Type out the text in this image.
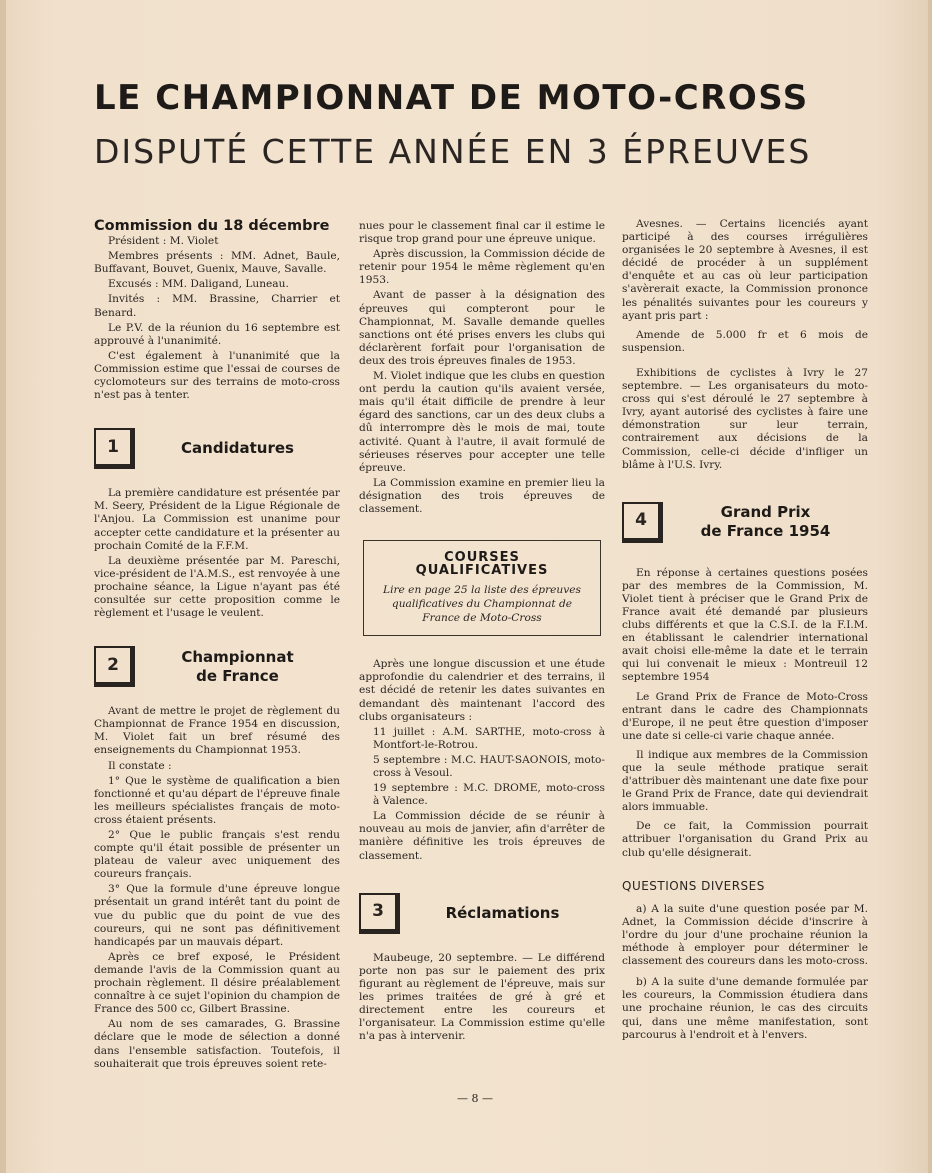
LE CHAMPIONNAT DE MOTO-CROSS
DISPUTÉ CETTE ANNÉE EN 3 ÉPREUVES

Commission du 18 décembre

Président : M. Violet

Membres présents : MM. Adnet, Baule, Buffavant, Bouvet, Guenix, Mauve, Savalle.

Excusés : MM. Daligand, Luneau.

Invités : MM. Brassine, Charrier et Benard.

Le P.V. de la réunion du 16 septembre est approuvé à l'unanimité.

C'est également à l'unanimité que la Commission estime que l'essai de courses de cyclomoteurs sur des terrains de moto-cross n'est pas à tenter.

1	Candidatures

La première candidature est présentée par M. Seery, Président de la Ligue Régionale de l'Anjou. La Commission est unanime pour accepter cette candidature et la présenter au prochain Comité de la F.F.M.

La deuxième présentée par M. Pareschi, vice-président de l'A.M.S., est renvoyée à une prochaine séance, la Ligue n'ayant pas été consultée sur cette proposition comme le règlement et l'usage le veulent.

2	Championnat
de France

Avant de mettre le projet de règlement du Championnat de France 1954 en discussion, M. Violet fait un bref résumé des enseignements du Championnat 1953.

Il constate :

1° Que le système de qualification a bien fonctionné et qu'au départ de l'épreuve finale les meilleurs spécialistes français de moto-cross étaient présents.

2° Que le public français s'est rendu compte qu'il était possible de présenter un plateau de valeur avec uniquement des coureurs français.

3° Que la formule d'une épreuve longue présentait un grand intérêt tant du point de vue du public que du point de vue des coureurs, qui ne sont pas définitivement handicapés par un mauvais départ.

Après ce bref exposé, le Président demande l'avis de la Commission quant au prochain règlement. Il désire préalablement connaître à ce sujet l'opinion du champion de France des 500 cc, Gilbert Brassine.

Au nom de ses camarades, G. Brassine déclare que le mode de sélection a donné dans l'ensemble satisfaction. Toutefois, il souhaiterait que trois épreuves soient rete-

nues pour le classement final car il estime le risque trop grand pour une épreuve unique.

Après discussion, la Commission décide de retenir pour 1954 le même règlement qu'en 1953.

Avant de passer à la désignation des épreuves qui compteront pour le Championnat, M. Savalle demande quelles sanctions ont été prises envers les clubs qui déclarèrent forfait pour l'organisation de deux des trois épreuves finales de 1953.

M. Violet indique que les clubs en question ont perdu la caution qu'ils avaient versée, mais qu'il était difficile de prendre à leur égard des sanctions, car un des deux clubs a dû interrompre dès le mois de mai, toute activité. Quant à l'autre, il avait formulé de sérieuses réserves pour accepter une telle épreuve.

La Commission examine en premier lieu la désignation des trois épreuves de classement.

COURSES
QUALIFICATIVES
Lire en page 25 la liste des épreuves qualificatives du Championnat de France de Moto-Cross

Après une longue discussion et une étude approfondie du calendrier et des terrains, il est décidé de retenir les dates suivantes en demandant dès maintenant l'accord des clubs organisateurs :

11 juillet : A.M. SARTHE, moto-cross à Montfort-le-Rotrou.

5 septembre : M.C. HAUT-SAONOIS, moto-cross à Vesoul.

19 septembre : M.C. DROME, moto-cross à Valence.

La Commission décide de se réunir à nouveau au mois de janvier, afin d'arrêter de manière définitive les trois épreuves de classement.

3	Réclamations

Maubeuge, 20 septembre. — Le différend porte non pas sur le paiement des prix figurant au règlement de l'épreuve, mais sur les primes traitées de gré à gré et directement entre les coureurs et l'organisateur. La Commission estime qu'elle n'a pas à intervenir.

Avesnes. — Certains licenciés ayant participé à des courses irrégulières organisées le 20 septembre à Avesnes, il est décidé de procéder à un supplément d'enquête et au cas où leur participation s'avèrerait exacte, la Commission prononce les pénalités suivantes pour les coureurs y ayant pris part :

Amende de 5.000 fr et 6 mois de suspension.

Exhibitions de cyclistes à Ivry le 27 septembre. — Les organisateurs du moto-cross qui s'est déroulé le 27 septembre à Ivry, ayant autorisé des cyclistes à faire une démonstration sur leur terrain, contrairement aux décisions de la Commission, celle-ci décide d'infliger un blâme à l'U.S. Ivry.

4	Grand Prix
de France 1954

En réponse à certaines questions posées par des membres de la Commission, M. Violet tient à préciser que le Grand Prix de France avait été demandé par plusieurs clubs différents et que la C.S.I. de la F.I.M. en établissant le calendrier international avait choisi elle-même la date et le terrain qui lui convenait le mieux : Montreuil 12 septembre 1954

Le Grand Prix de France de Moto-Cross entrant dans le cadre des Championnats d'Europe, il ne peut être question d'imposer une date si celle-ci varie chaque année.

Il indique aux membres de la Commission que la seule méthode pratique serait d'attribuer dès maintenant une date fixe pour le Grand Prix de France, date qui deviendrait alors immuable.

De ce fait, la Commission pourrait attribuer l'organisation du Grand Prix au club qu'elle désignerait.

QUESTIONS DIVERSES

a) A la suite d'une question posée par M. Adnet, la Commission décide d'inscrire à l'ordre du jour d'une prochaine réunion la méthode à employer pour déterminer le classement des coureurs dans les moto-cross.

b) A la suite d'une demande formulée par les coureurs, la Commission étudiera dans une prochaine réunion, le cas des circuits qui, dans une même manifestation, sont parcourus à l'endroit et à l'envers.

— 8 —
